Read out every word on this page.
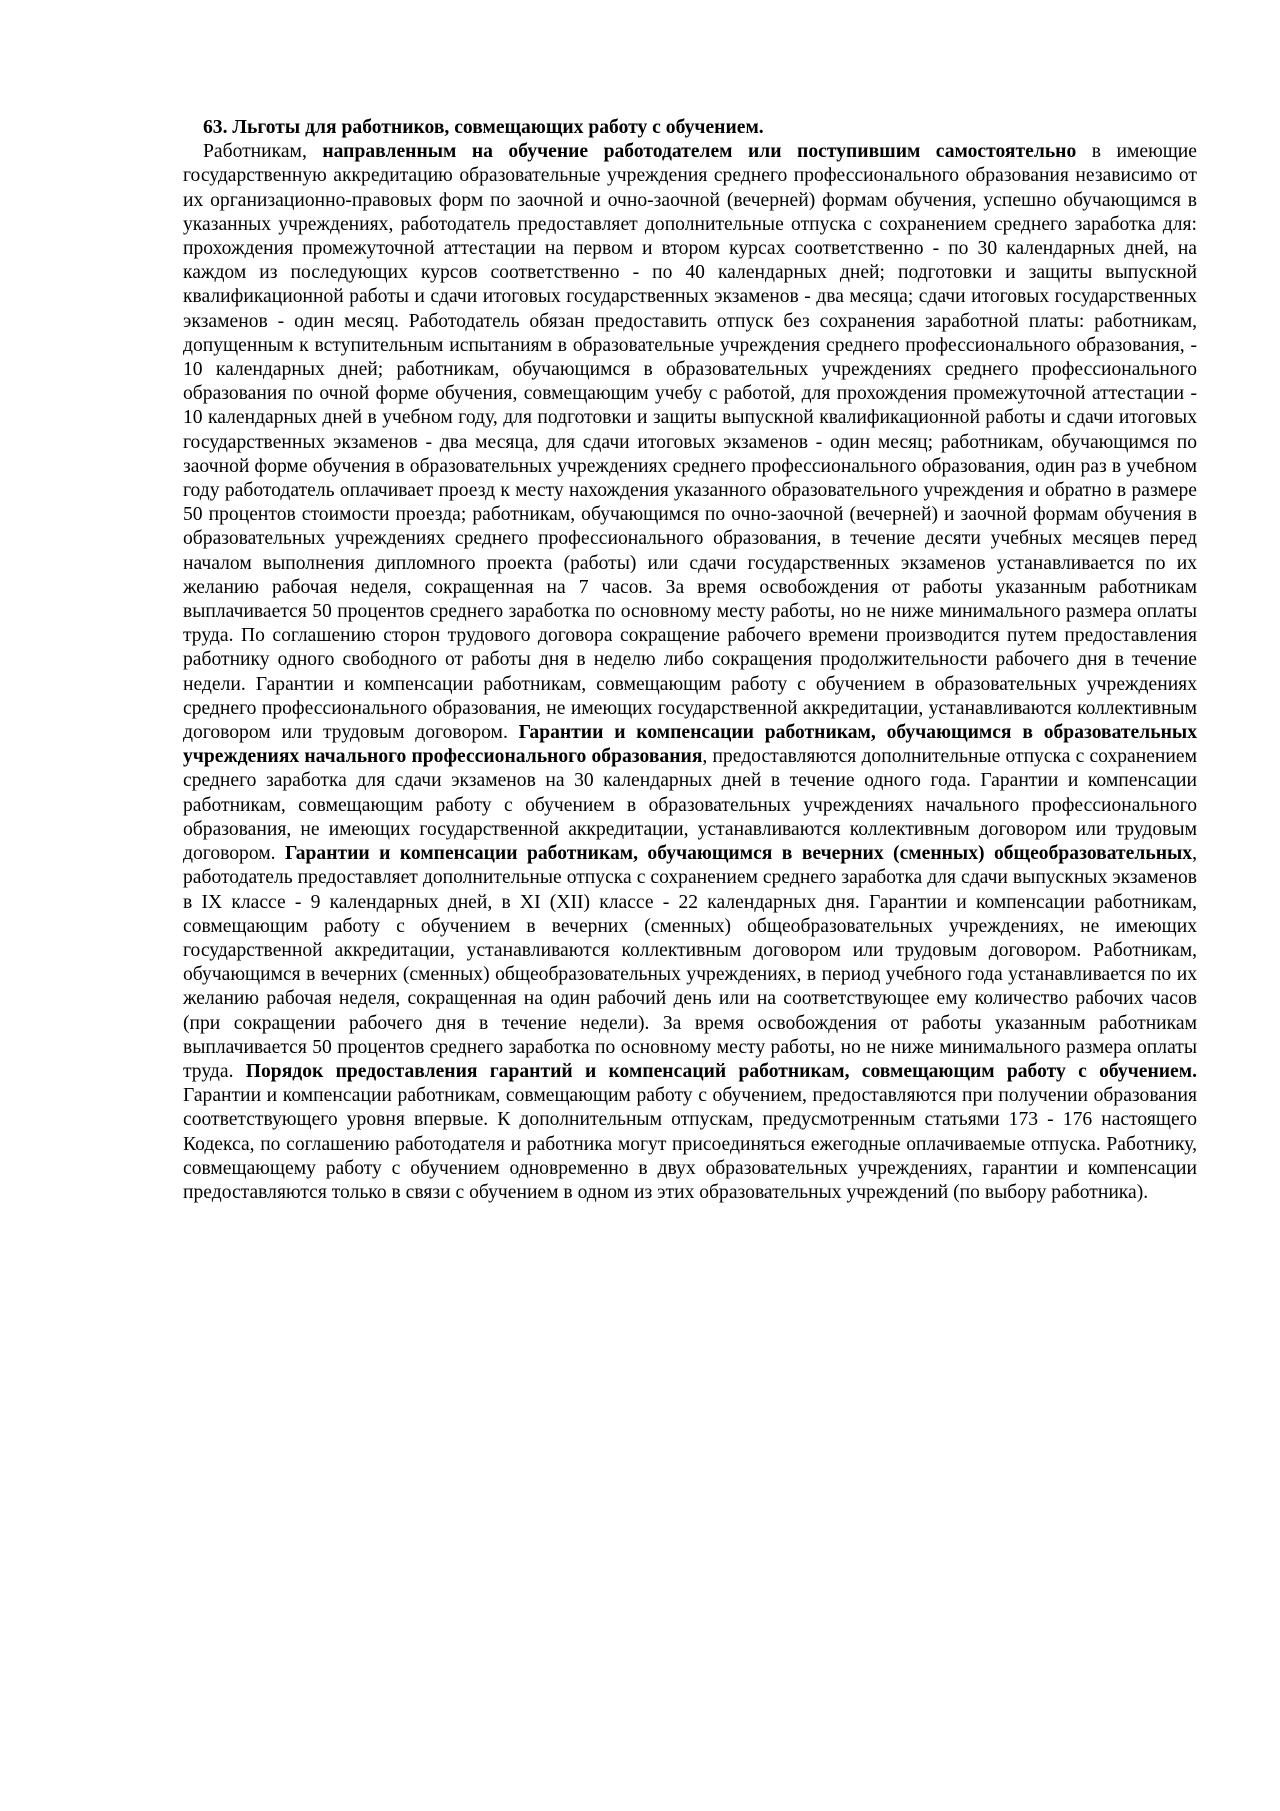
63. Льготы для работников, совмещающих работу с обучением.

Работникам, направленным на обучение работодателем или поступившим самостоятельно в имеющие государственную аккредитацию образовательные учреждения среднего профессионального образования независимо от их организационно-правовых форм по заочной и очно-заочной (вечерней) формам обучения, успешно обучающимся в указанных учреждениях, работодатель предоставляет дополнительные отпуска с сохранением среднего заработка для: прохождения промежуточной аттестации на первом и втором курсах соответственно - по 30 календарных дней, на каждом из последующих курсов соответственно - по 40 календарных дней; подготовки и защиты выпускной квалификационной работы и сдачи итоговых государственных экзаменов - два месяца; сдачи итоговых государственных экзаменов - один месяц. Работодатель обязан предоставить отпуск без сохранения заработной платы: работникам, допущенным к вступительным испытаниям в образовательные учреждения среднего профессионального образования, - 10 календарных дней; работникам, обучающимся в образовательных учреждениях среднего профессионального образования по очной форме обучения, совмещающим учебу с работой, для прохождения промежуточной аттестации - 10 календарных дней в учебном году, для подготовки и защиты выпускной квалификационной работы и сдачи итоговых государственных экзаменов - два месяца, для сдачи итоговых экзаменов - один месяц; работникам, обучающимся по заочной форме обучения в образовательных учреждениях среднего профессионального образования, один раз в учебном году работодатель оплачивает проезд к месту нахождения указанного образовательного учреждения и обратно в размере 50 процентов стоимости проезда; работникам, обучающимся по очно-заочной (вечерней) и заочной формам обучения в образовательных учреждениях среднего профессионального образования, в течение десяти учебных месяцев перед началом выполнения дипломного проекта (работы) или сдачи государственных экзаменов устанавливается по их желанию рабочая неделя, сокращенная на 7 часов. За время освобождения от работы указанным работникам выплачивается 50 процентов среднего заработка по основному месту работы, но не ниже минимального размера оплаты труда. По соглашению сторон трудового договора сокращение рабочего времени производится путем предоставления работнику одного свободного от работы дня в неделю либо сокращения продолжительности рабочего дня в течение недели. Гарантии и компенсации работникам, совмещающим работу с обучением в образовательных учреждениях среднего профессионального образования, не имеющих государственной аккредитации, устанавливаются коллективным договором или трудовым договором. Гарантии и компенсации работникам, обучающимся в образовательных учреждениях начального профессионального образования, предоставляются дополнительные отпуска с сохранением среднего заработка для сдачи экзаменов на 30 календарных дней в течение одного года. Гарантии и компенсации работникам, совмещающим работу с обучением в образовательных учреждениях начального профессионального образования, не имеющих государственной аккредитации, устанавливаются коллективным договором или трудовым договором. Гарантии и компенсации работникам, обучающимся в вечерних (сменных) общеобразовательных, работодатель предоставляет дополнительные отпуска с сохранением среднего заработка для сдачи выпускных экзаменов в IX классе - 9 календарных дней, в XI (XII) классе - 22 календарных дня. Гарантии и компенсации работникам, совмещающим работу с обучением в вечерних (сменных) общеобразовательных учреждениях, не имеющих государственной аккредитации, устанавливаются коллективным договором или трудовым договором. Работникам, обучающимся в вечерних (сменных) общеобразовательных учреждениях, в период учебного года устанавливается по их желанию рабочая неделя, сокращенная на один рабочий день или на соответствующее ему количество рабочих часов (при сокращении рабочего дня в течение недели). За время освобождения от работы указанным работникам выплачивается 50 процентов среднего заработка по основному месту работы, но не ниже минимального размера оплаты труда. Порядок предоставления гарантий и компенсаций работникам, совмещающим работу с обучением. Гарантии и компенсации работникам, совмещающим работу с обучением, предоставляются при получении образования соответствующего уровня впервые. К дополнительным отпускам, предусмотренным статьями 173 - 176 настоящего Кодекса, по соглашению работодателя и работника могут присоединяться ежегодные оплачиваемые отпуска. Работнику, совмещающему работу с обучением одновременно в двух образовательных учреждениях, гарантии и компенсации предоставляются только в связи с обучением в одном из этих образовательных учреждений (по выбору работника).
